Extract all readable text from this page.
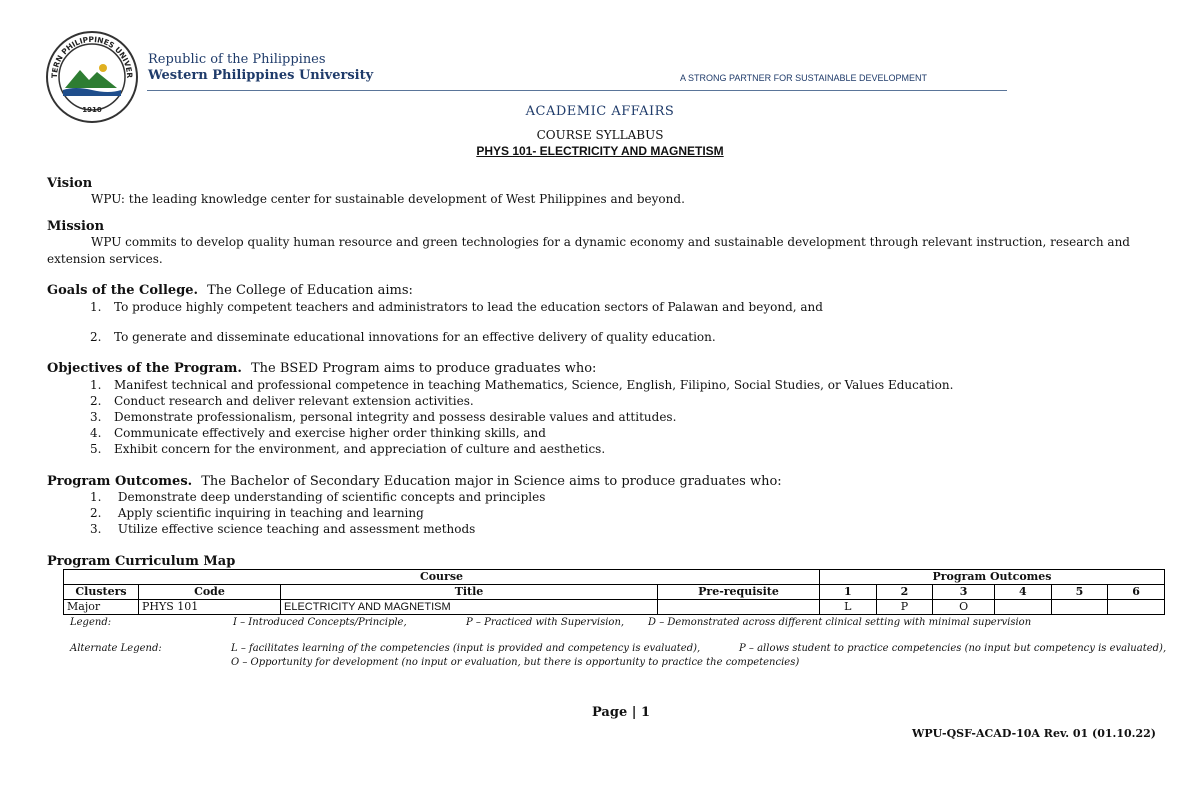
TERN PHILIPPINES UNIVER
1910
Republic of the Philippines
Western Philippines University	A STRONG PARTNER FOR SUSTAINABLE DEVELOPMENT
ACADEMIC AFFAIRS
COURSE SYLLABUS
PHYS 101- ELECTRICITY AND MAGNETISM
Vision
WPU: the leading knowledge center for sustainable development of West Philippines and beyond.
Mission
WPU commits to develop quality human resource and green technologies for a dynamic economy and sustainable development through relevant instruction, research and
extension services.
Goals of the College. The College of Education aims:
1. To produce highly competent teachers and administrators to lead the education sectors of Palawan and beyond, and
2. To generate and disseminate educational innovations for an effective delivery of quality education.
Objectives of the Program. The BSED Program aims to produce graduates who:
1. Manifest technical and professional competence in teaching Mathematics, Science, English, Filipino, Social Studies, or Values Education.
2. Conduct research and deliver relevant extension activities.
3. Demonstrate professionalism, personal integrity and possess desirable values and attitudes.
4. Communicate effectively and exercise higher order thinking skills, and
5. Exhibit concern for the environment, and appreciation of culture and aesthetics.
Program Outcomes. The Bachelor of Secondary Education major in Science aims to produce graduates who:
1. Demonstrate deep understanding of scientific concepts and principles
2. Apply scientific inquiring in teaching and learning
3. Utilize effective science teaching and assessment methods
Program Curriculum Map
Course				Program Outcomes					
Clusters	Code	Title	Pre-requisite	1	2	3	4	5	6
Major	PHYS 101	ELECTRICITY AND MAGNETISM		L	P	O			
Legend:	I – Introduced Concepts/Principle,	P – Practiced with Supervision, D – Demonstrated across different clinical setting with minimal supervision
Alternate Legend:	L – facilitates learning of the competencies (input is provided and competency is evaluated),	P – allows student to practice competencies (no input but competency is evaluated),
O – Opportunity for development (no input or evaluation, but there is opportunity to practice the competencies)
Page | 1
WPU-QSF-ACAD-10A Rev. 01 (01.10.22)
